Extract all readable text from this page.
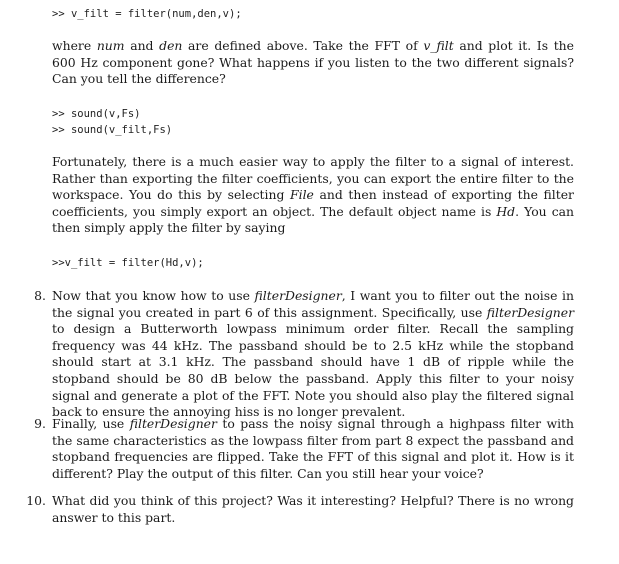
>> v_filt = filter(num,den,v);
where num and den are defined above. Take the FFT of v_filt and plot it. Is the 600 Hz component gone? What happens if you listen to the two different signals? Can you tell the difference?
>> sound(v,Fs)
>> sound(v_filt,Fs)
Fortunately, there is a much easier way to apply the filter to a signal of interest. Rather than exporting the filter coefficients, you can export the entire filter to the workspace. You do this by selecting File and then instead of exporting the filter coefficients, you simply export an object. The default object name is Hd. You can then simply apply the filter by saying
>>v_filt = filter(Hd,v);
8. Now that you know how to use filterDesigner, I want you to filter out the noise in the signal you created in part 6 of this assignment. Specifically, use filterDesigner to design a Butterworth lowpass minimum order filter. Recall the sampling frequency was 44 kHz. The passband should be to 2.5 kHz while the stopband should start at 3.1 kHz. The passband should have 1 dB of ripple while the stopband should be 80 dB below the passband. Apply this filter to your noisy signal and generate a plot of the FFT. Note you should also play the filtered signal back to ensure the annoying hiss is no longer prevalent.
9. Finally, use filterDesigner to pass the noisy signal through a highpass filter with the same characteristics as the lowpass filter from part 8 expect the passband and stopband frequencies are flipped. Take the FFT of this signal and plot it. How is it different? Play the output of this filter. Can you still hear your voice?
10. What did you think of this project? Was it interesting? Helpful? There is no wrong answer to this part.
